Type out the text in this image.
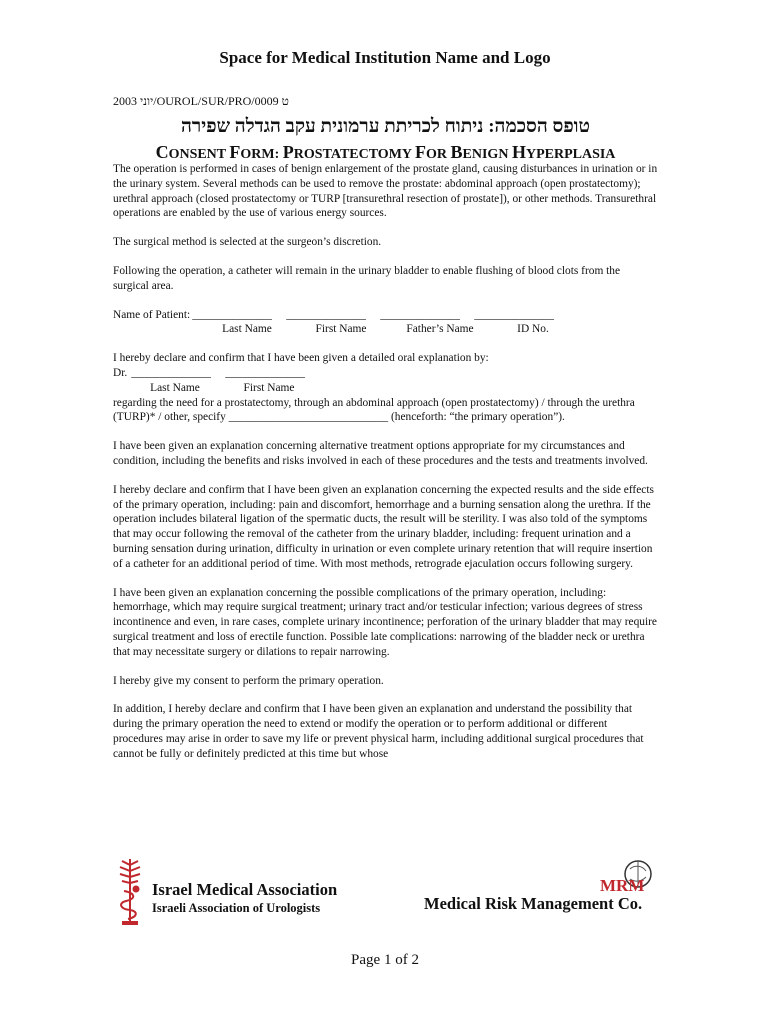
Space for Medical Institution Name and Logo
2003 יוני/OUROL/SUR/PRO/0009 ט
טופס הסכמה: ניתוח לכריתת ערמונית עקב הגדלה שפירה
CONSENT FORM: PROSTATECTOMY FOR BENIGN HYPERPLASIA

The operation is performed in cases of benign enlargement of the prostate gland, causing disturbances in urination or in the urinary system. Several methods can be used to remove the prostate: abdominal approach (open prostatectomy); urethral approach (closed prostatectomy or TURP [transurethral resection of prostate]), or other methods. Transurethral operations are enabled by the use of various energy sources.

The surgical method is selected at the surgeon’s discretion.

Following the operation, a catheter will remain in the urinary bladder to enable flushing of blood clots from the surgical area.

Name of Patient: ______________	______________	______________	______________
Last Name	First Name	Father’s Name	ID No.
I hereby declare and confirm that I have been given a detailed oral explanation by:
Dr. ______________	______________
Last Name	First Name
regarding the need for a prostatectomy, through an abdominal approach (open prostatectomy) / through the urethra (TURP)* / other, specify ____________________________ (henceforth: “the primary operation”).

I have been given an explanation concerning alternative treatment options appropriate for my circumstances and condition, including the benefits and risks involved in each of these procedures and the tests and treatments involved.

I hereby declare and confirm that I have been given an explanation concerning the expected results and the side effects of the primary operation, including: pain and discomfort, hemorrhage and a burning sensation along the urethra. If the operation includes bilateral ligation of the spermatic ducts, the result will be sterility. I was also told of the symptoms that may occur following the removal of the catheter from the urinary bladder, including: frequent urination and a burning sensation during urination, difficulty in urination or even complete urinary retention that will require insertion of a catheter for an additional period of time. With most methods, retrograde ejaculation occurs following surgery.

I have been given an explanation concerning the possible complications of the primary operation, including: hemorrhage, which may require surgical treatment; urinary tract and/or testicular infection; various degrees of stress incontinence and even, in rare cases, complete urinary incontinence; perforation of the urinary bladder that may require surgical treatment and loss of erectile function. Possible late complications: narrowing of the bladder neck or urethra that may necessitate surgery or dilations to repair narrowing.

I hereby give my consent to perform the primary operation.

In addition, I hereby declare and confirm that I have been given an explanation and understand the possibility that during the primary operation the need to extend or modify the operation or to perform additional or different procedures may arise in order to save my life or prevent physical harm, including additional surgical procedures that cannot be fully or definitely predicted at this time but whose

Israel Medical Association
Israeli Association of Urologists
MRM
Medical Risk Management Co.
Page 1 of 2
